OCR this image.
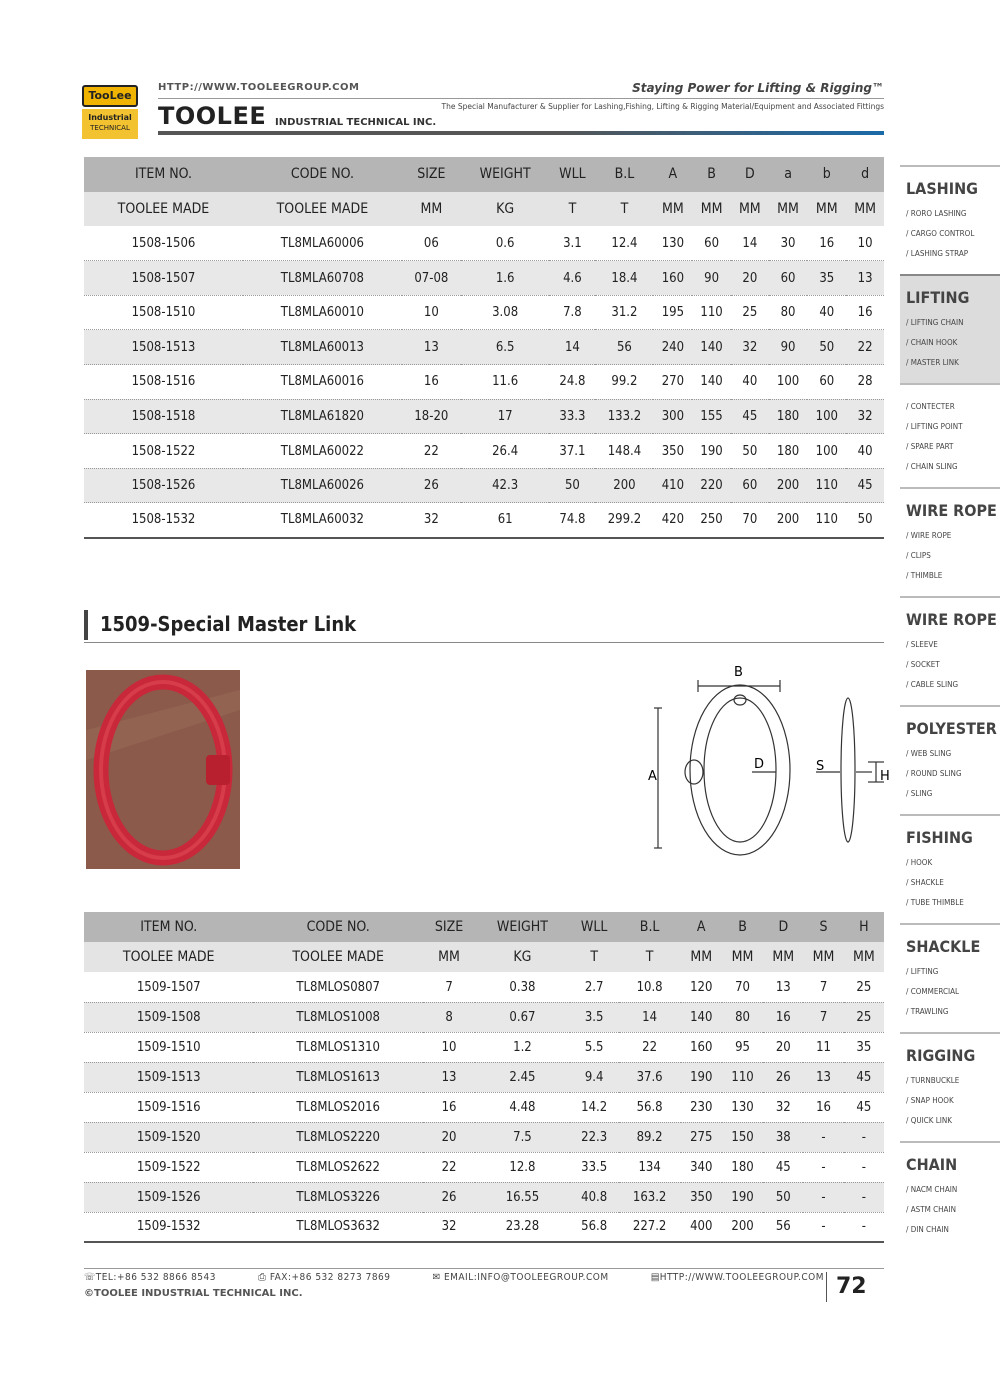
TooLee
Industrial
TECHNICAL
HTTP://WWW.TOOLEEGROUP.COM
TOOLEE INDUSTRIAL TECHNICAL INC.
Staying Power for Lifting & Rigging™
The Special Manufacturer & Supplier for Lashing,Fishing, Lifting & Rigging Material/Equipment and Associated Fittings
ITEM NO.	CODE NO.	SIZE	WEIGHT	WLL	B.L	A	B	D	a	b	d
TOOLEE MADE	TOOLEE MADE	MM	KG	T	T	MM	MM	MM	MM	MM	MM
1508-1506	TL8MLA60006	06	0.6	3.1	12.4	130	60	14	30	16	10
1508-1507	TL8MLA60708	07-08	1.6	4.6	18.4	160	90	20	60	35	13
1508-1510	TL8MLA60010	10	3.08	7.8	31.2	195	110	25	80	40	16
1508-1513	TL8MLA60013	13	6.5	14	56	240	140	32	90	50	22
1508-1516	TL8MLA60016	16	11.6	24.8	99.2	270	140	40	100	60	28
1508-1518	TL8MLA61820	18-20	17	33.3	133.2	300	155	45	180	100	32
1508-1522	TL8MLA60022	22	26.4	37.1	148.4	350	190	50	180	100	40
1508-1526	TL8MLA60026	26	42.3	50	200	410	220	60	200	110	45
1508-1532	TL8MLA60032	32	61	74.8	299.2	420	250	70	200	110	50
1509-Special Master Link
A
B
D	S
H
ITEM NO.	CODE NO.	SIZE	WEIGHT	WLL	B.L	A	B	D	S	H
TOOLEE MADE	TOOLEE MADE	MM	KG	T	T	MM	MM	MM	MM	MM
1509-1507	TL8MLOS0807	7	0.38	2.7	10.8	120	70	13	7	25
1509-1508	TL8MLOS1008	8	0.67	3.5	14	140	80	16	7	25
1509-1510	TL8MLOS1310	10	1.2	5.5	22	160	95	20	11	35
1509-1513	TL8MLOS1613	13	2.45	9.4	37.6	190	110	26	13	45
1509-1516	TL8MLOS2016	16	4.48	14.2	56.8	230	130	32	16	45
1509-1520	TL8MLOS2220	20	7.5	22.3	89.2	275	150	38	-	-
1509-1522	TL8MLOS2622	22	12.8	33.5	134	340	180	45	-	-
1509-1526	TL8MLOS3226	26	16.55	40.8	163.2	350	190	50	-	-
1509-1532	TL8MLOS3632	32	23.28	56.8	227.2	400	200	56	-	-
LASHING
/ RORO LASHING
/ CARGO CONTROL
/ LASHING STRAP
LIFTING
/ LIFTING CHAIN
/ CHAIN HOOK
/ MASTER LINK
/ CONTECTER
/ LIFTING POINT
/ SPARE PART
/ CHAIN SLING
WIRE ROPE
/ WIRE ROPE
/ CLIPS
/ THIMBLE
WIRE ROPE
/ SLEEVE
/ SOCKET
/ CABLE SLING
POLYESTER
/ WEB SLING
/ ROUND SLING
/ SLING
FISHING
/ HOOK
/ SHACKLE
/ TUBE THIMBLE
SHACKLE
/ LIFTING
/ COMMERCIAL
/ TRAWLING
RIGGING
/ TURNBUCKLE
/ SNAP HOOK
/ QUICK LINK
CHAIN
/ NACM CHAIN
/ ASTM CHAIN
/ DIN CHAIN
☏TEL:+86 532 8866 8543	⎙ FAX:+86 532 8273 7869	✉ EMAIL:INFO@TOOLEEGROUP.COM	▤HTTP://WWW.TOOLEEGROUP.COM
©TOOLEE INDUSTRIAL TECHNICAL INC.	72
